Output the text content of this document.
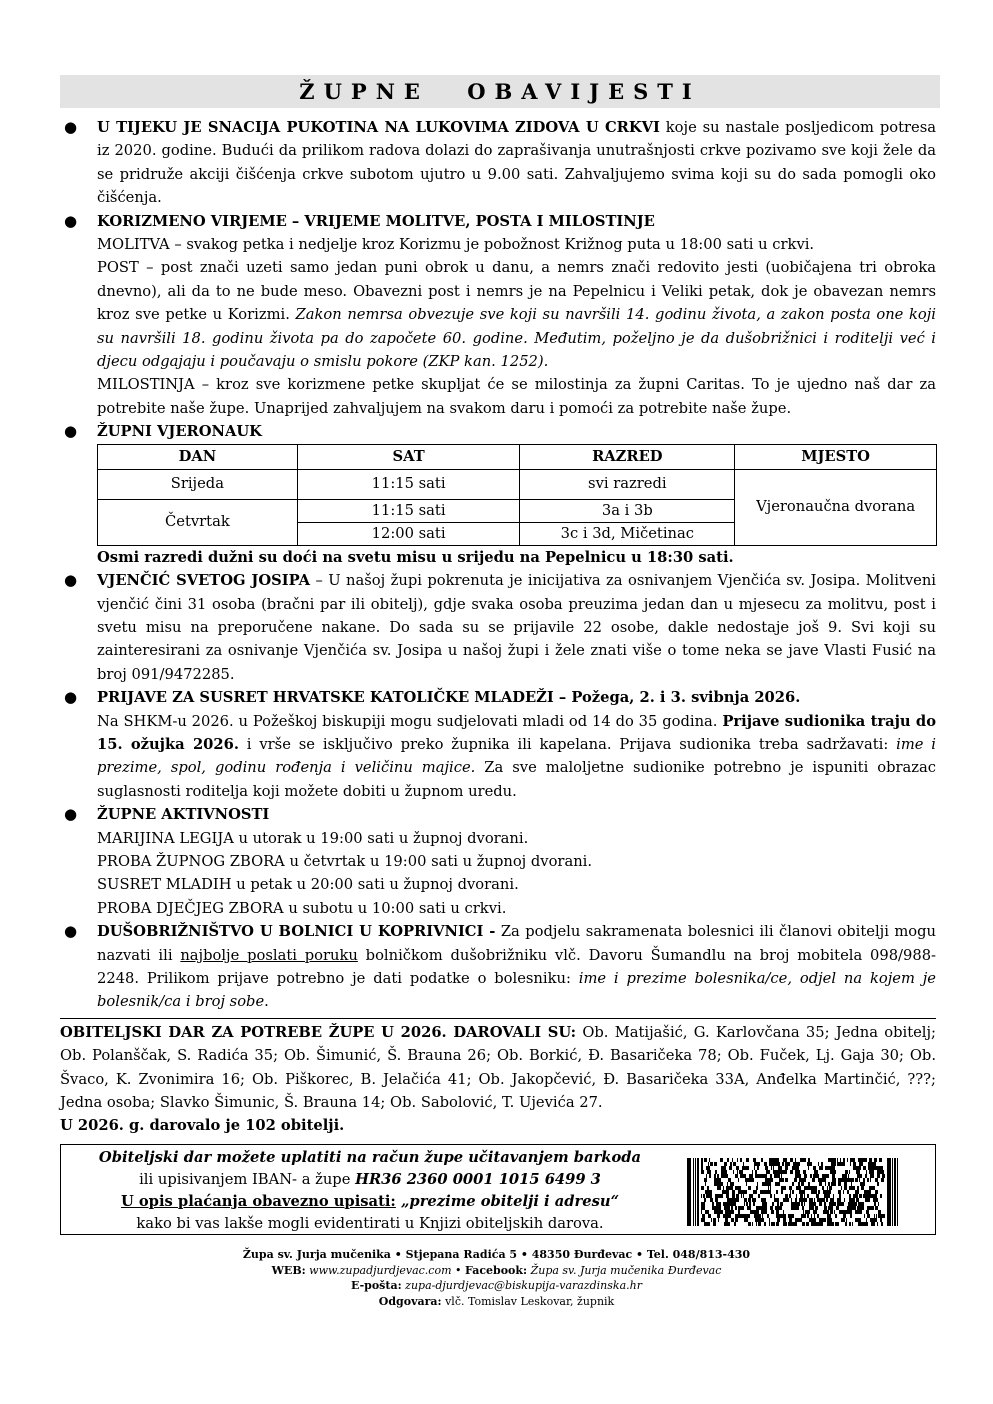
ŽUPNE OBAVIJESTI
● U TIJEKU JE SNACIJA PUKOTINA NA LUKOVIMA ZIDOVA U CRKVI koje su nastale posljedicom potresa iz 2020. godine. Budući da prilikom radova dolazi do zaprašivanja unutrašnjosti crkve pozivamo sve koji žele da se pridruže akciji čišćenja crkve subotom ujutro u 9.00 sati. Zahvaljujemo svima koji su do sada pomogli oko čišćenja.
● KORIZMENO VIRJEME – VRIJEME MOLITVE, POSTA I MILOSTINJE
MOLITVA – svakog petka i nedjelje kroz Korizmu je pobožnost Križnog puta u 18:00 sati u crkvi.
POST – post znači uzeti samo jedan puni obrok u danu, a nemrs znači redovito jesti (uobičajena tri obroka dnevno), ali da to ne bude meso. Obavezni post i nemrs je na Pepelnicu i Veliki petak, dok je obavezan nemrs kroz sve petke u Korizmi. Zakon nemrsa obvezuje sve koji su navršili 14. godinu života, a zakon posta one koji su navršili 18. godinu života pa do započete 60. godine. Međutim, poželjno je da dušobrižnici i roditelji već i djecu odgajaju i poučavaju o smislu pokore (ZKP kan. 1252).
MILOSTINJA – kroz sve korizmene petke skupljat će se milostinja za župni Caritas. To je ujedno naš dar za potrebite naše župe. Unaprijed zahvaljujem na svakom daru i pomoći za potrebite naše župe.
● ŽUPNI VJERONAUK
DAN	SAT	RAZRED	MJESTO
Srijeda	11:15 sati	svi razredi	Vjeronaučna dvorana
Četvrtak	11:15 sati	3a i 3b	
	12:00 sati	3c i 3d, Mičetinac	
Osmi razredi dužni su doći na svetu misu u srijedu na Pepelnicu u 18:30 sati.
● VJENČIĆ SVETOG JOSIPA – U našoj župi pokrenuta je inicijativa za osnivanjem Vjenčića sv. Josipa. Molitveni vjenčić čini 31 osoba (bračni par ili obitelj), gdje svaka osoba preuzima jedan dan u mjesecu za molitvu, post i svetu misu na preporučene nakane. Do sada su se prijavile 22 osobe, dakle nedostaje još 9. Svi koji su zainteresirani za osnivanje Vjenčića sv. Josipa u našoj župi i žele znati više o tome neka se jave Vlasti Fusić na broj 091/9472285.
● PRIJAVE ZA SUSRET HRVATSKE KATOLIČKE MLADEŽI – Požega, 2. i 3. svibnja 2026.
Na SHKM-u 2026. u Požeškoj biskupiji mogu sudjelovati mladi od 14 do 35 godina. Prijave sudionika traju do 15. ožujka 2026. i vrše se isključivo preko župnika ili kapelana. Prijava sudionika treba sadržavati: ime i prezime, spol, godinu rođenja i veličinu majice. Za sve maloljetne sudionike potrebno je ispuniti obrazac suglasnosti roditelja koji možete dobiti u župnom uredu.
● ŽUPNE AKTIVNOSTI
MARIJINA LEGIJA u utorak u 19:00 sati u župnoj dvorani.
PROBA ŽUPNOG ZBORA u četvrtak u 19:00 sati u župnoj dvorani.
SUSRET MLADIH u petak u 20:00 sati u župnoj dvorani.
PROBA DJEČJEG ZBORA u subotu u 10:00 sati u crkvi.
● DUŠOBRIŽNIŠTVO U BOLNICI U KOPRIVNICI - Za podjelu sakramenata bolesnici ili članovi obitelji mogu nazvati ili najbolje poslati poruku bolničkom dušobrižniku vlč. Davoru Šumandlu na broj mobitela 098/988-2248. Prilikom prijave potrebno je dati podatke o bolesniku: ime i prezime bolesnika/ce, odjel na kojem je bolesnik/ca i broj sobe.
OBITELJSKI DAR ZA POTREBE ŽUPE U 2026. DAROVALI SU: Ob. Matijašić, G. Karlovčana 35; Jedna obitelj; Ob. Polanščak, S. Radića 35; Ob. Šimunić, Š. Brauna 26; Ob. Borkić, Đ. Basaričeka 78; Ob. Fuček, Lj. Gaja 30; Ob. Švaco, K. Zvonimira 16; Ob. Piškorec, B. Jelačića 41; Ob. Jakopčević, Đ. Basaričeka 33A, Anđelka Martinčić, ???; Jedna osoba; Slavko Šimunic, Š. Brauna 14; Ob. Sabolović, T. Ujevića 27.
U 2026. g. darovalo je 102 obitelji.
Obiteljski dar možete uplatiti na račun župe učitavanjem barkoda
ili upisivanjem IBAN- a župe HR36 2360 0001 1015 6499 3
U opis plaćanja obavezno upisati: „prezime obitelji i adresu“
kako bi vas lakše mogli evidentirati u Knjizi obiteljskih darova.
Župa sv. Jurja mučenika • Stjepana Radića 5 • 48350 Đurđevac • Tel. 048/813-430
WEB: www.zupadjurdjevac.com • Facebook: Župa sv. Jurja mučenika Đurđevac
E-pošta: zupa-djurdjevac@biskupija-varazdinska.hr
Odgovara: vlč. Tomislav Leskovar, župnik
